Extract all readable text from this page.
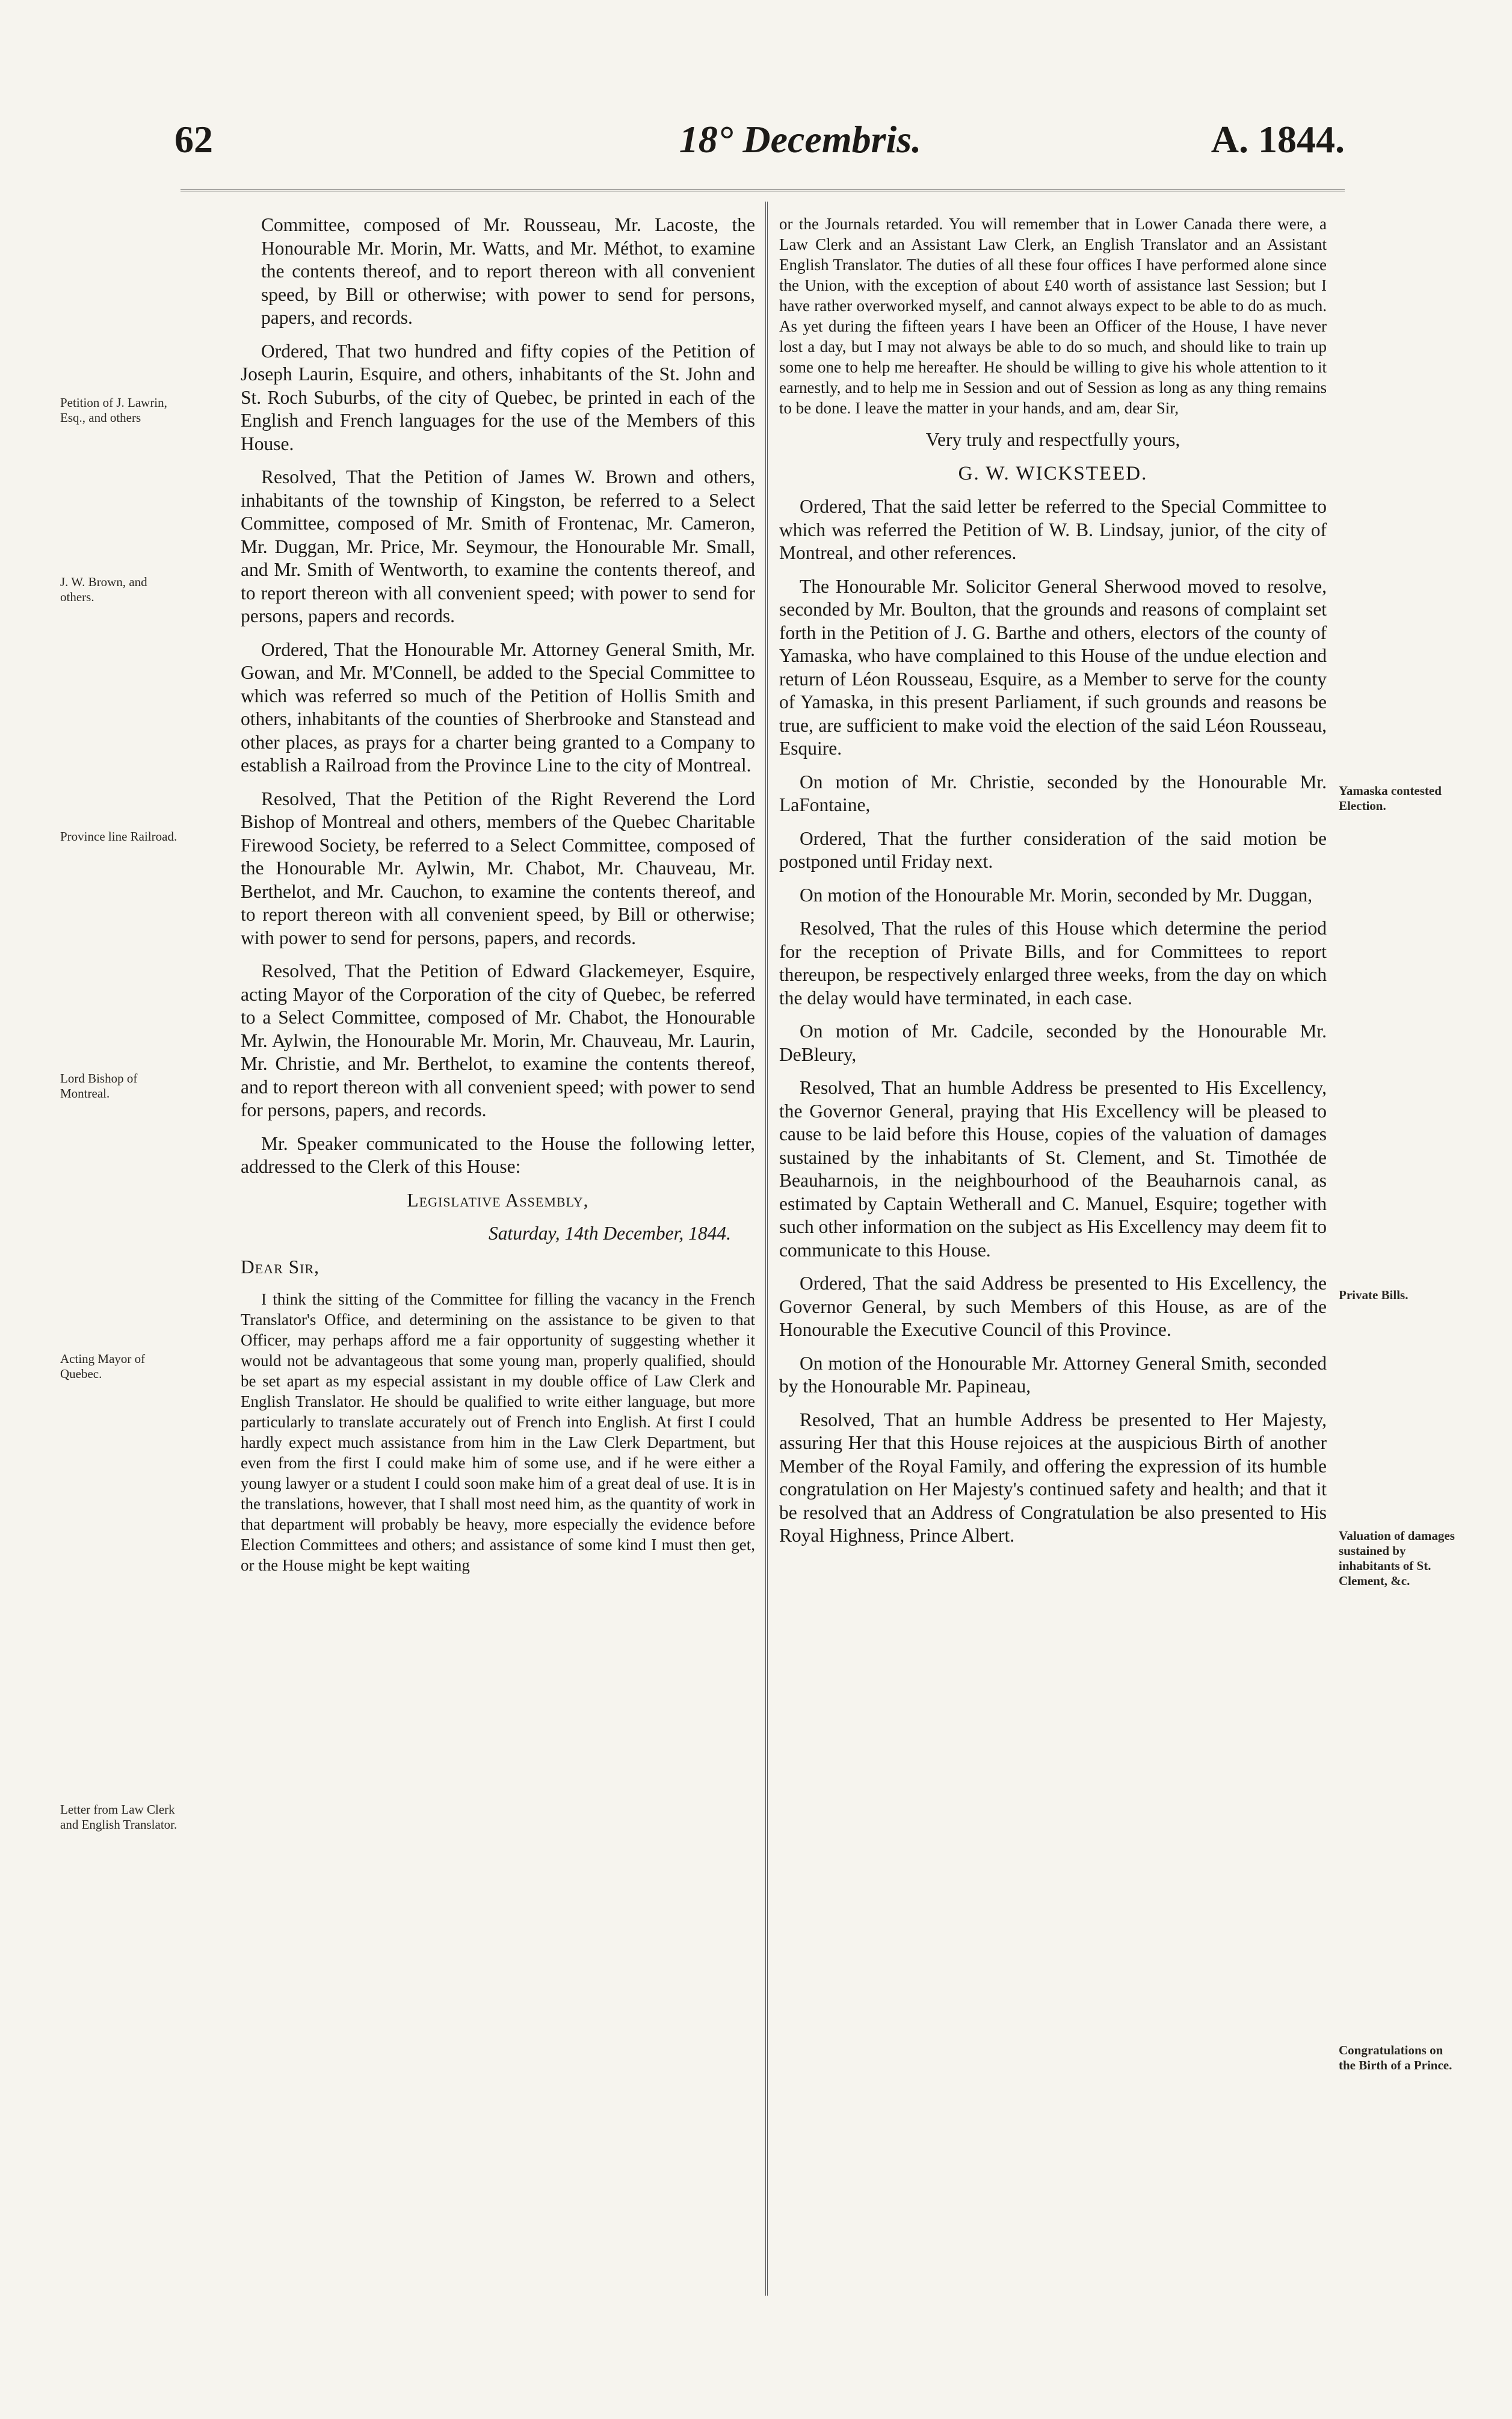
62	18° Decembris.	A. 1844.
Petition of J. Lawrin, Esq., and others
J. W. Brown, and others.
Province line Railroad.
Lord Bishop of Montreal.
Acting Mayor of Quebec.
Letter from Law Clerk and English Translator.
Yamaska contested Election.
Private Bills.
Valuation of damages sustained by inhabitants of St. Clement, &c.
Congratulations on the Birth of a Prince.

Committee, composed of Mr. Rousseau, Mr. Lacoste, the Honourable Mr. Morin, Mr. Watts, and Mr. Méthot, to examine the contents thereof, and to report thereon with all convenient speed, by Bill or otherwise; with power to send for persons, papers, and records.

Ordered, That two hundred and fifty copies of the Petition of Joseph Laurin, Esquire, and others, inhabitants of the St. John and St. Roch Suburbs, of the city of Quebec, be printed in each of the English and French languages for the use of the Members of this House.

Resolved, That the Petition of James W. Brown and others, inhabitants of the township of Kingston, be referred to a Select Committee, composed of Mr. Smith of Frontenac, Mr. Cameron, Mr. Duggan, Mr. Price, Mr. Seymour, the Honourable Mr. Small, and Mr. Smith of Wentworth, to examine the contents thereof, and to report thereon with all convenient speed; with power to send for persons, papers and records.

Ordered, That the Honourable Mr. Attorney General Smith, Mr. Gowan, and Mr. M'Connell, be added to the Special Committee to which was referred so much of the Petition of Hollis Smith and others, inhabitants of the counties of Sherbrooke and Stanstead and other places, as prays for a charter being granted to a Company to establish a Railroad from the Province Line to the city of Montreal.

Resolved, That the Petition of the Right Reverend the Lord Bishop of Montreal and others, members of the Quebec Charitable Firewood Society, be referred to a Select Committee, composed of the Honourable Mr. Aylwin, Mr. Chabot, Mr. Chauveau, Mr. Berthelot, and Mr. Cauchon, to examine the contents thereof, and to report thereon with all convenient speed, by Bill or otherwise; with power to send for persons, papers, and records.

Resolved, That the Petition of Edward Glackemeyer, Esquire, acting Mayor of the Corporation of the city of Quebec, be referred to a Select Committee, composed of Mr. Chabot, the Honourable Mr. Aylwin, the Honourable Mr. Morin, Mr. Chauveau, Mr. Laurin, Mr. Christie, and Mr. Berthelot, to examine the contents thereof, and to report thereon with all convenient speed; with power to send for persons, papers, and records.

Mr. Speaker communicated to the House the following letter, addressed to the Clerk of this House:

Legislative Assembly,

Saturday, 14th December, 1844.

Dear Sir,

I think the sitting of the Committee for filling the vacancy in the French Translator's Office, and determining on the assistance to be given to that Officer, may perhaps afford me a fair opportunity of suggesting whether it would not be advantageous that some young man, properly qualified, should be set apart as my especial assistant in my double office of Law Clerk and English Translator. He should be qualified to write either language, but more particularly to translate accurately out of French into English. At first I could hardly expect much assistance from him in the Law Clerk Department, but even from the first I could make him of some use, and if he were either a young lawyer or a student I could soon make him of a great deal of use. It is in the translations, however, that I shall most need him, as the quantity of work in that department will probably be heavy, more especially the evidence before Election Committees and others; and assistance of some kind I must then get, or the House might be kept waiting

or the Journals retarded. You will remember that in Lower Canada there were, a Law Clerk and an Assistant Law Clerk, an English Translator and an Assistant English Translator. The duties of all these four offices I have performed alone since the Union, with the exception of about £40 worth of assistance last Session; but I have rather overworked myself, and cannot always expect to be able to do as much. As yet during the fifteen years I have been an Officer of the House, I have never lost a day, but I may not always be able to do so much, and should like to train up some one to help me hereafter. He should be willing to give his whole attention to it earnestly, and to help me in Session and out of Session as long as any thing remains to be done. I leave the matter in your hands, and am, dear Sir,

Very truly and respectfully yours,

G. W. WICKSTEED.

Ordered, That the said letter be referred to the Special Committee to which was referred the Petition of W. B. Lindsay, junior, of the city of Montreal, and other references.

The Honourable Mr. Solicitor General Sherwood moved to resolve, seconded by Mr. Boulton, that the grounds and reasons of complaint set forth in the Petition of J. G. Barthe and others, electors of the county of Yamaska, who have complained to this House of the undue election and return of Léon Rousseau, Esquire, as a Member to serve for the county of Yamaska, in this present Parliament, if such grounds and reasons be true, are sufficient to make void the election of the said Léon Rousseau, Esquire.

On motion of Mr. Christie, seconded by the Honourable Mr. LaFontaine,

Ordered, That the further consideration of the said motion be postponed until Friday next.

On motion of the Honourable Mr. Morin, seconded by Mr. Duggan,

Resolved, That the rules of this House which determine the period for the reception of Private Bills, and for Committees to report thereupon, be respectively enlarged three weeks, from the day on which the delay would have terminated, in each case.

On motion of Mr. Cadcile, seconded by the Honourable Mr. DeBleury,

Resolved, That an humble Address be presented to His Excellency, the Governor General, praying that His Excellency will be pleased to cause to be laid before this House, copies of the valuation of damages sustained by the inhabitants of St. Clement, and St. Timothée de Beauharnois, in the neighbourhood of the Beauharnois canal, as estimated by Captain Wetherall and C. Manuel, Esquire; together with such other information on the subject as His Excellency may deem fit to communicate to this House.

Ordered, That the said Address be presented to His Excellency, the Governor General, by such Members of this House, as are of the Honourable the Executive Council of this Province.

On motion of the Honourable Mr. Attorney General Smith, seconded by the Honourable Mr. Papineau,

Resolved, That an humble Address be presented to Her Majesty, assuring Her that this House rejoices at the auspicious Birth of another Member of the Royal Family, and offering the expression of its humble congratulation on Her Majesty's continued safety and health; and that it be resolved that an Address of Congratulation be also presented to His Royal Highness, Prince Albert.
